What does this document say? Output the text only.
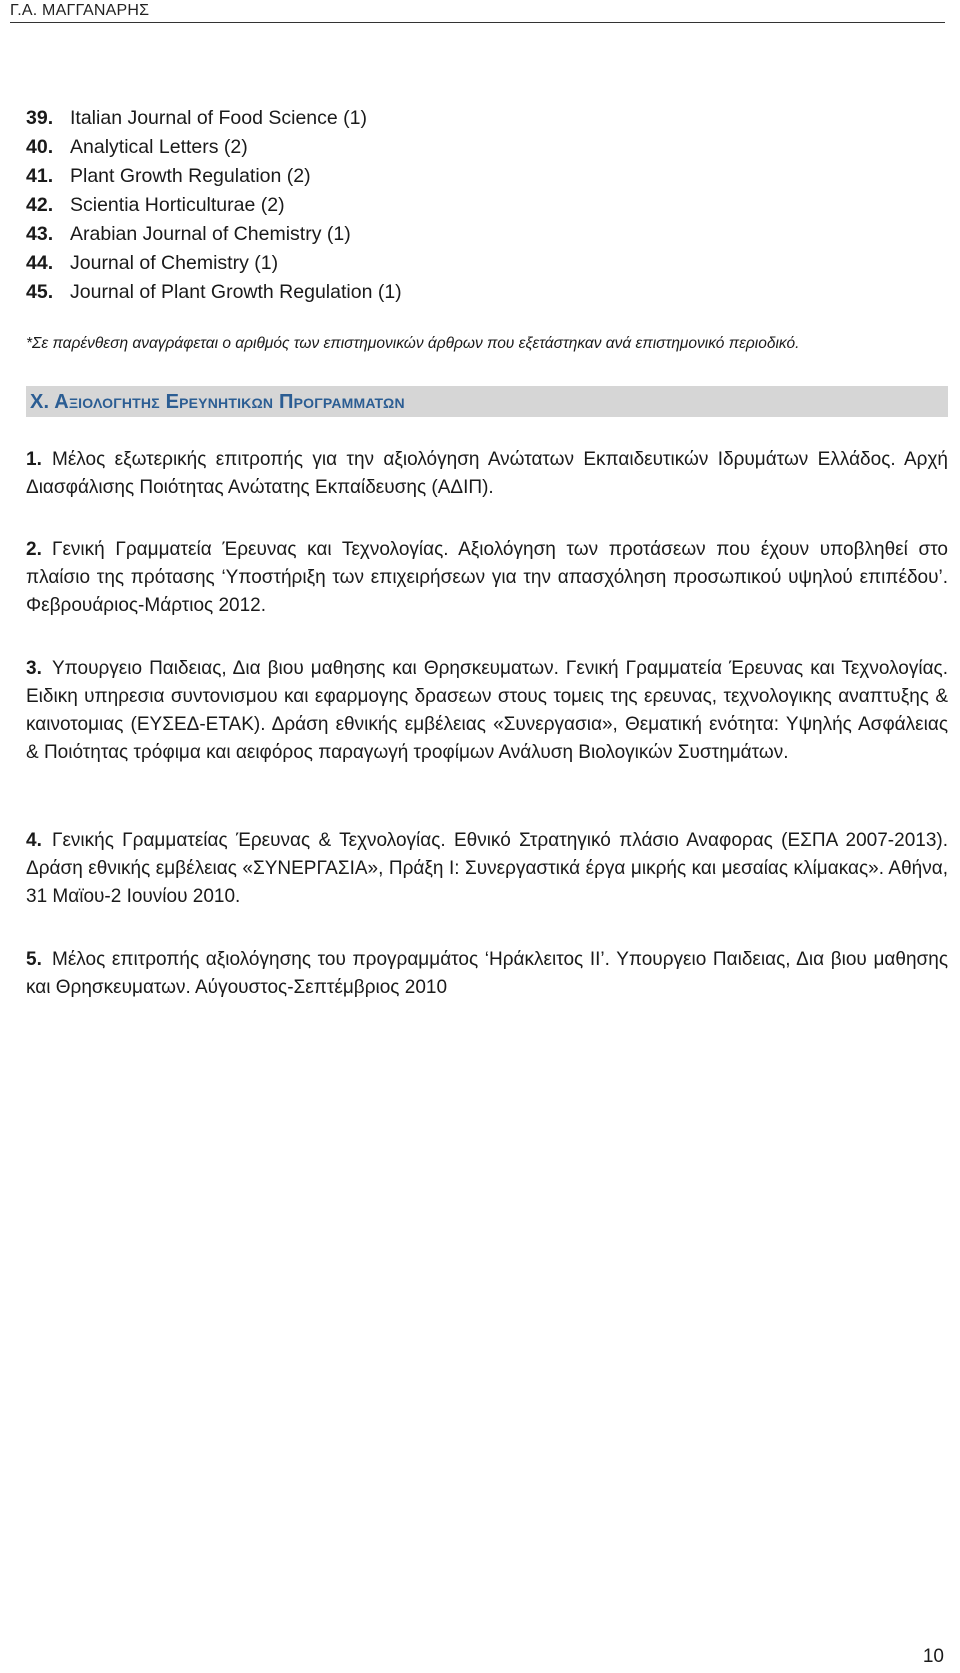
Γ.Α. ΜΑΓΓΑΝΑΡΗΣ
39. Italian Journal of Food Science (1)
40. Analytical Letters (2)
41. Plant Growth Regulation (2)
42. Scientia Horticulturae (2)
43. Arabian Journal of Chemistry (1)
44. Journal of Chemistry (1)
45. Journal of Plant Growth Regulation (1)
*Σε παρένθεση αναγράφεται ο αριθμός των επιστημονικών άρθρων που εξετάστηκαν ανά επιστημονικό περιοδικό.
Χ. Αξιολογητης Ερευνητικων Προγραμματων
1. Μέλος εξωτερικής επιτροπής για την αξιολόγηση Ανώτατων Εκπαιδευτικών Ιδρυμάτων Ελλάδος. Αρχή Διασφάλισης Ποιότητας Ανώτατης Εκπαίδευσης (ΑΔΙΠ).
2. Γενική Γραμματεία Έρευνας και Τεχνολογίας. Αξιολόγηση των προτάσεων που έχουν υποβληθεί στο πλαίσιο της πρότασης ‘Υποστήριξη των επιχειρήσεων για την απασχόληση προσωπικού υψηλού επιπέδου’. Φεβρουάριος-Μάρτιος 2012.
3. Υπουργειο Παιδειας, Δια βιου μαθησης και Θρησκευματων. Γενική Γραμματεία Έρευνας και Τεχνολογίας. Ειδικη υπηρεσια συντονισμου και εφαρμογης δρασεων στους τομεις της ερευνας, τεχνολογικης αναπτυξης & καινοτομιας (ΕΥΣΕΔ-ΕΤΑΚ). Δράση εθνικής εμβέλειας «Συνεργασια», Θεματική ενότητα: Υψηλής Ασφάλειας & Ποιότητας τρόφιμα και αειφόρος παραγωγή τροφίμων Ανάλυση Βιολογικών Συστημάτων.
4. Γενικής Γραμματείας Έρευνας & Τεχνολογίας. Εθνικό Στρατηγικό πλάσιο Αναφορας (ΕΣΠΑ 2007-2013). Δράση εθνικής εμβέλειας «ΣΥΝΕΡΓΑΣΙΑ», Πράξη Ι: Συνεργαστικά έργα μικρής και μεσαίας κλίμακας». Αθήνα, 31 Μαϊου-2 Ιουνίου 2010.
5. Μέλος επιτροπής αξιολόγησης του προγραμμάτος ‘Ηράκλειτος ΙΙ’. Υπουργειο Παιδειας, Δια βιου μαθησης και Θρησκευματων. Αύγουστος-Σεπτέμβριος 2010
10
